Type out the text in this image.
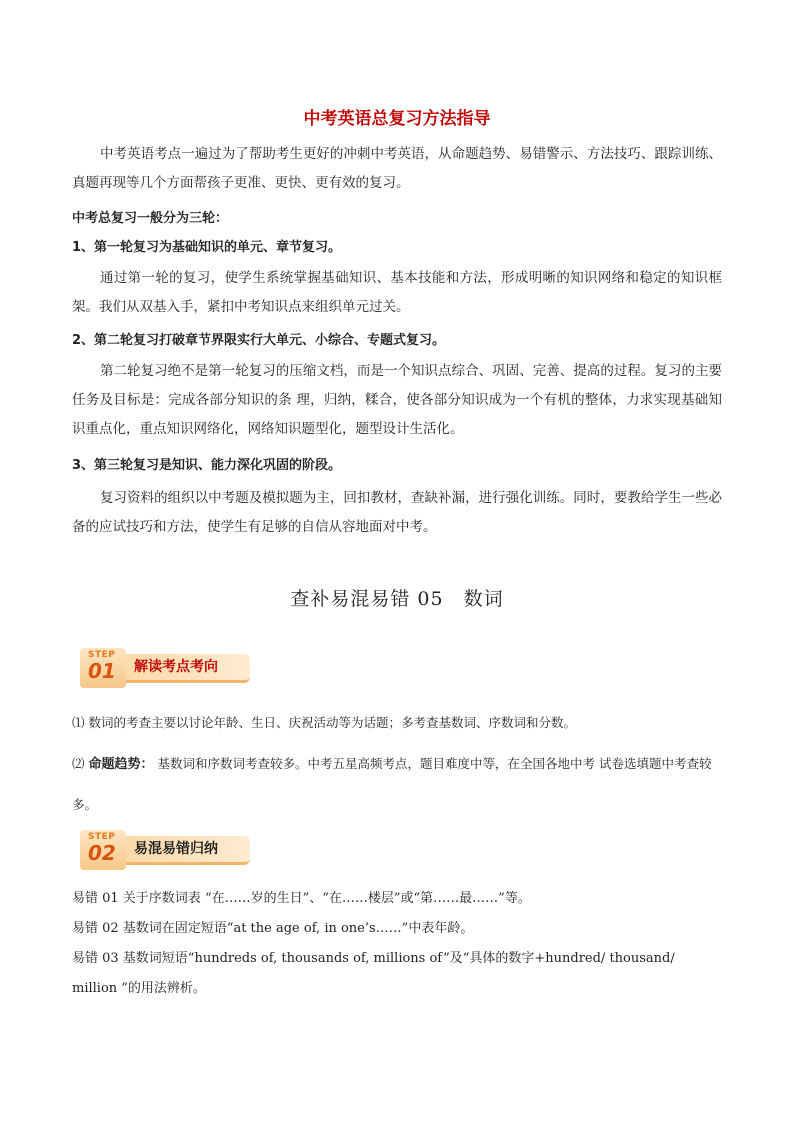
中考英语总复习方法指导
中考英语考点一遍过为了帮助考生更好的冲刺中考英语，从命题趋势、易错警示、方法技巧、跟踪训练、真题再现等几个方面帮孩子更准、更快、更有效的复习。
中考总复习一般分为三轮：
1、第一轮复习为基础知识的单元、章节复习。
通过第一轮的复习，使学生系统掌握基础知识、基本技能和方法，形成明晰的知识网络和稳定的知识框架。我们从双基入手，紧扣中考知识点来组织单元过关。
2、第二轮复习打破章节界限实行大单元、小综合、专题式复习。
第二轮复习绝不是第一轮复习的压缩文档，而是一个知识点综合、巩固、完善、提高的过程。复习的主要任务及目标是：完成各部分知识的条 理，归纳，糅合，使各部分知识成为一个有机的整体，力求实现基础知识重点化，重点知识网络化，网络知识题型化，题型设计生活化。
3、第三轮复习是知识、能力深化巩固的阶段。
复习资料的组织以中考题及模拟题为主，回扣教材，查缺补漏，进行强化训练。同时，要教给学生一些必备的应试技巧和方法，使学生有足够的自信从容地面对中考。
查补易混易错 05　数词
STEP
01 解读考点考向
⑴ 数词的考查主要以讨论年龄、生日、庆祝活动等为话题；多考查基数词、序数词和分数。
⑵ 命题趋势： 基数词和序数词考查较多。中考五星高频考点，题目难度中等，在全国各地中考 试卷选填题中考查较多。
STEP
02 易混易错归纳
易错 01 关于序数词表 “在……岁的生日”、“在……楼层”或“第……最……”等。
易错 02 基数词在固定短语“at the age of, in one’s……”中表年龄。
易错 03 基数词短语“hundreds of, thousands of, millions of”及“具体的数字+hundred/ thousand/ million ”的用法辨析。
